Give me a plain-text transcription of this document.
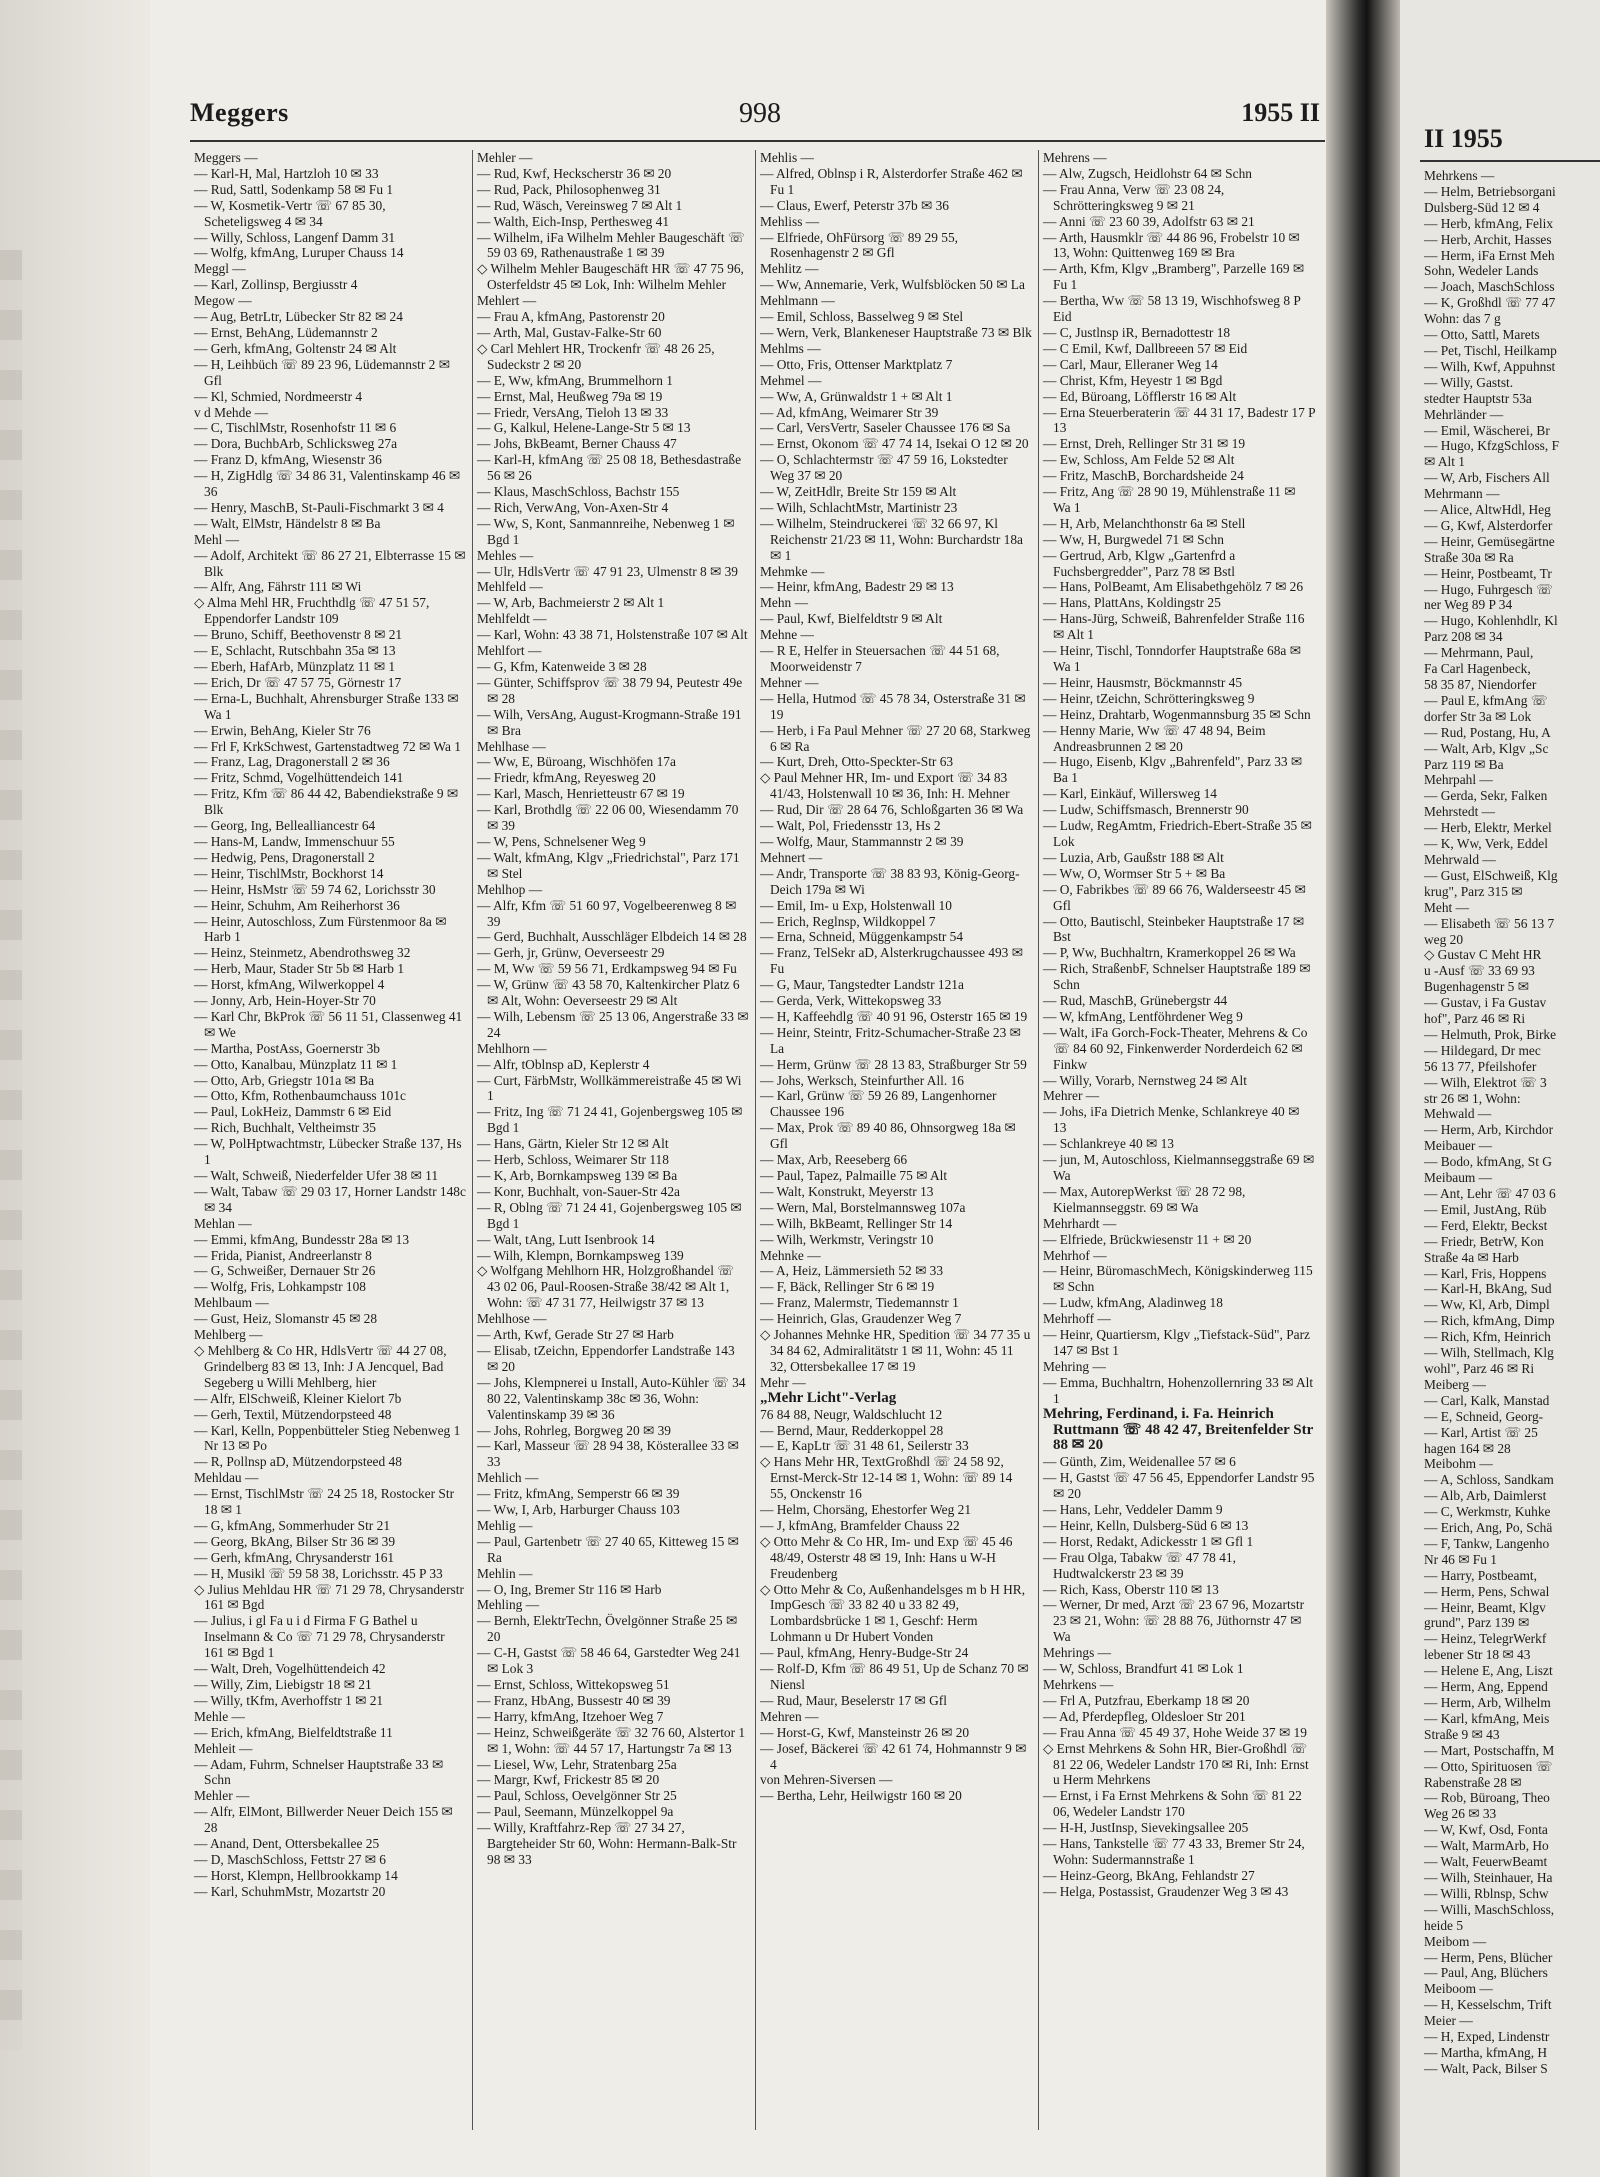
998
Meggers	1955 II
Meggers —
— Karl-H, Mal, Hartzloh 10 ✉ 33
— Rud, Sattl, Sodenkamp 58 ✉ Fu 1
— W, Kosmetik-Vertr ☏ 67 85 30, Scheteligsweg 4 ✉ 34
— Willy, Schloss, Langenf Damm 31
— Wolfg, kfmAng, Luruper Chauss 14
Meggl —
— Karl, Zollinsp, Bergiusstr 4
Megow —
— Aug, BetrLtr, Lübecker Str 82 ✉ 24
— Ernst, BehAng, Lüdemannstr 2
— Gerh, kfmAng, Goltenstr 24 ✉ Alt
— H, Leihbüch ☏ 89 23 96, Lüdemannstr 2 ✉ Gfl
— Kl, Schmied, Nordmeerstr 4
v d Mehde —
— C, TischlMstr, Rosenhofstr 11 ✉ 6
— Dora, BuchbArb, Schlicksweg 27a
— Franz D, kfmAng, Wiesenstr 36
— H, ZigHdlg ☏ 34 86 31, Valentinskamp 46 ✉ 36
— Henry, MaschB, St-Pauli-Fischmarkt 3 ✉ 4
— Walt, ElMstr, Händelstr 8 ✉ Ba
Mehl —
— Adolf, Architekt ☏ 86 27 21, Elbterrasse 15 ✉ Blk
— Alfr, Ang, Fährstr 111 ✉ Wi
◇ Alma Mehl HR, Fruchthdlg ☏ 47 51 57, Eppendorfer Landstr 109
— Bruno, Schiff, Beethovenstr 8 ✉ 21
— E, Schlacht, Rutschbahn 35a ✉ 13
— Eberh, HafArb, Münzplatz 11 ✉ 1
— Erich, Dr ☏ 47 57 75, Görnestr 17
— Erna-L, Buchhalt, Ahrensburger Straße 133 ✉ Wa 1
— Erwin, BehAng, Kieler Str 76
— Frl F, KrkSchwest, Gartenstadtweg 72 ✉ Wa 1
— Franz, Lag, Dragonerstall 2 ✉ 36
— Fritz, Schmd, Vogelhüttendeich 141
— Fritz, Kfm ☏ 86 44 42, Babendiekstraße 9 ✉ Blk
— Georg, Ing, Bellealliancestr 64
— Hans-M, Landw, Immenschuur 55
— Hedwig, Pens, Dragonerstall 2
— Heinr, TischlMstr, Bockhorst 14
— Heinr, HsMstr ☏ 59 74 62, Lorichsstr 30
— Heinr, Schuhm, Am Reiherhorst 36
— Heinr, Autoschloss, Zum Fürstenmoor 8a ✉ Harb 1
— Heinz, Steinmetz, Abendrothsweg 32
— Herb, Maur, Stader Str 5b ✉ Harb 1
— Horst, kfmAng, Wilwerkoppel 4
— Jonny, Arb, Hein-Hoyer-Str 70
— Karl Chr, BkProk ☏ 56 11 51, Classenweg 41 ✉ We
— Martha, PostAss, Goernerstr 3b
— Otto, Kanalbau, Münzplatz 11 ✉ 1
— Otto, Arb, Griegstr 101a ✉ Ba
— Otto, Kfm, Rothenbaumchauss 101c
— Paul, LokHeiz, Dammstr 6 ✉ Eid
— Rich, Buchhalt, Veltheimstr 35
— W, PolHptwachtmstr, Lübecker Straße 137, Hs 1
— Walt, Schweiß, Niederfelder Ufer 38 ✉ 11
— Walt, Tabaw ☏ 29 03 17, Horner Landstr 148c ✉ 34
Mehlan —
— Emmi, kfmAng, Bundesstr 28a ✉ 13
— Frida, Pianist, Andreerlanstr 8
— G, Schweißer, Dernauer Str 26
— Wolfg, Fris, Lohkampstr 108
Mehlbaum —
— Gust, Heiz, Slomanstr 45 ✉ 28
Mehlberg —
◇ Mehlberg & Co HR, HdlsVertr ☏ 44 27 08, Grindelberg 83 ✉ 13, Inh: J A Jencquel, Bad Segeberg u Willi Mehlberg, hier
— Alfr, ElSchweiß, Kleiner Kielort 7b
— Gerh, Textil, Mützendorpsteed 48
— Karl, Kelln, Poppenbütteler Stieg Nebenweg 1 Nr 13 ✉ Po
— R, Pollnsp aD, Mützendorpsteed 48
Mehldau —
— Ernst, TischlMstr ☏ 24 25 18, Rostocker Str 18 ✉ 1
— G, kfmAng, Sommerhuder Str 21
— Georg, BkAng, Bilser Str 36 ✉ 39
— Gerh, kfmAng, Chrysanderstr 161
— H, Musikl ☏ 59 58 38, Lorichsstr. 45 P 33
◇ Julius Mehldau HR ☏ 71 29 78, Chrysanderstr 161 ✉ Bgd
— Julius, i gl Fa u i d Firma F G Bathel u Inselmann & Co ☏ 71 29 78, Chrysanderstr 161 ✉ Bgd 1
— Walt, Dreh, Vogelhüttendeich 42
— Willy, Zim, Liebigstr 18 ✉ 21
— Willy, tKfm, Averhoffstr 1 ✉ 21
Mehle —
— Erich, kfmAng, Bielfeldtstraße 11
Mehleit —
— Adam, Fuhrm, Schnelser Hauptstraße 33 ✉ Schn
Mehler —
— Alfr, ElMont, Billwerder Neuer Deich 155 ✉ 28
— Anand, Dent, Ottersbekallee 25
— D, MaschSchloss, Fettstr 27 ✉ 6
— Horst, Klempn, Hellbrookkamp 14
— Karl, SchuhmMstr, Mozartstr 20
Mehler —
— Rud, Kwf, Heckscherstr 36 ✉ 20
— Rud, Pack, Philosophenweg 31
— Rud, Wäsch, Vereinsweg 7 ✉ Alt 1
— Walth, Eich-Insp, Perthesweg 41
— Wilhelm, iFa Wilhelm Mehler Baugeschäft ☏ 59 03 69, Rathenaustraße 1 ✉ 39
◇ Wilhelm Mehler Baugeschäft HR ☏ 47 75 96, Osterfeldstr 45 ✉ Lok, Inh: Wilhelm Mehler
Mehlert —
— Frau A, kfmAng, Pastorenstr 20
— Arth, Mal, Gustav-Falke-Str 60
◇ Carl Mehlert HR, Trockenfr ☏ 48 26 25, Sudeckstr 2 ✉ 20
— E, Ww, kfmAng, Brummelhorn 1
— Ernst, Mal, Heußweg 79a ✉ 19
— Friedr, VersAng, Tieloh 13 ✉ 33
— G, Kalkul, Helene-Lange-Str 5 ✉ 13
— Johs, BkBeamt, Berner Chauss 47
— Karl-H, kfmAng ☏ 25 08 18, Bethesdastraße 56 ✉ 26
— Klaus, MaschSchloss, Bachstr 155
— Rich, VerwAng, Von-Axen-Str 4
— Ww, S, Kont, Sanmannreihe, Nebenweg 1 ✉ Bgd 1
Mehles —
— Ulr, HdlsVertr ☏ 47 91 23, Ulmenstr 8 ✉ 39
Mehlfeld —
— W, Arb, Bachmeierstr 2 ✉ Alt 1
Mehlfeldt —
— Karl, Wohn: 43 38 71, Holstenstraße 107 ✉ Alt
Mehlfort —
— G, Kfm, Katenweide 3 ✉ 28
— Günter, Schiffsprov ☏ 38 79 94, Peutestr 49e ✉ 28
— Wilh, VersAng, August-Krogmann-Straße 191 ✉ Bra
Mehlhase —
— Ww, E, Büroang, Wischhöfen 17a
— Friedr, kfmAng, Reyesweg 20
— Karl, Masch, Henrietteustr 67 ✉ 19
— Karl, Brothdlg ☏ 22 06 00, Wiesendamm 70 ✉ 39
— W, Pens, Schnelsener Weg 9
— Walt, kfmAng, Klgv „Friedrichstal", Parz 171 ✉ Stel
Mehlhop —
— Alfr, Kfm ☏ 51 60 97, Vogelbeerenweg 8 ✉ 39
— Gerd, Buchhalt, Ausschläger Elbdeich 14 ✉ 28
— Gerh, jr, Grünw, Oeverseestr 29
— M, Ww ☏ 59 56 71, Erdkampsweg 94 ✉ Fu
— W, Grünw ☏ 43 58 70, Kaltenkircher Platz 6 ✉ Alt, Wohn: Oeverseestr 29 ✉ Alt
— Wilh, Lebensm ☏ 25 13 06, Angerstraße 33 ✉ 24
Mehlhorn —
— Alfr, tOblnsp aD, Keplerstr 4
— Curt, FärbMstr, Wollkämmereistraße 45 ✉ Wi 1
— Fritz, Ing ☏ 71 24 41, Gojenbergsweg 105 ✉ Bgd 1
— Hans, Gärtn, Kieler Str 12 ✉ Alt
— Herb, Schloss, Weimarer Str 118
— K, Arb, Bornkampsweg 139 ✉ Ba
— Konr, Buchhalt, von-Sauer-Str 42a
— R, Oblng ☏ 71 24 41, Gojenbergsweg 105 ✉ Bgd 1
— Walt, tAng, Lutt Isenbrook 14
— Wilh, Klempn, Bornkampsweg 139
◇ Wolfgang Mehlhorn HR, Holzgroßhandel ☏ 43 02 06, Paul-Roosen-Straße 38/42 ✉ Alt 1, Wohn: ☏ 47 31 77, Heilwigstr 37 ✉ 13
Mehlhose —
— Arth, Kwf, Gerade Str 27 ✉ Harb
— Elisab, tZeichn, Eppendorfer Landstraße 143 ✉ 20
— Johs, Klempnerei u Install, Auto-Kühler ☏ 34 80 22, Valentinskamp 38c ✉ 36, Wohn: Valentinskamp 39 ✉ 36
— Johs, Rohrleg, Borgweg 20 ✉ 39
— Karl, Masseur ☏ 28 94 38, Kösterallee 33 ✉ 33
Mehlich —
— Fritz, kfmAng, Semperstr 66 ✉ 39
— Ww, I, Arb, Harburger Chauss 103
Mehlig —
— Paul, Gartenbetr ☏ 27 40 65, Kitteweg 15 ✉ Ra
Mehlin —
— O, Ing, Bremer Str 116 ✉ Harb
Mehling —
— Bernh, ElektrTechn, Övelgönner Straße 25 ✉ 20
— C-H, Gastst ☏ 58 46 64, Garstedter Weg 241 ✉ Lok 3
— Ernst, Schloss, Wittekopsweg 51
— Franz, HbAng, Bussestr 40 ✉ 39
— Harry, kfmAng, Itzehoer Weg 7
— Heinz, Schweißgeräte ☏ 32 76 60, Alstertor 1 ✉ 1, Wohn: ☏ 44 57 17, Hartungstr 7a ✉ 13
— Liesel, Ww, Lehr, Stratenbarg 25a
— Margr, Kwf, Frickestr 85 ✉ 20
— Paul, Schloss, Oevelgönner Str 25
— Paul, Seemann, Münzelkoppel 9a
— Willy, Kraftfahrz-Rep ☏ 27 34 27, Bargteheider Str 60, Wohn: Hermann-Balk-Str 98 ✉ 33
Mehlis —
— Alfred, Oblnsp i R, Alsterdorfer Straße 462 ✉ Fu 1
— Claus, Ewerf, Peterstr 37b ✉ 36
Mehliss —
— Elfriede, OhFürsorg ☏ 89 29 55, Rosenhagenstr 2 ✉ Gfl
Mehlitz —
— Ww, Annemarie, Verk, Wulfsblöcken 50 ✉ La
Mehlmann —
— Emil, Schloss, Basselweg 9 ✉ Stel
— Wern, Verk, Blankeneser Hauptstraße 73 ✉ Blk
Mehlms —
— Otto, Fris, Ottenser Marktplatz 7
Mehmel —
— Ww, A, Grünwaldstr 1 + ✉ Alt 1
— Ad, kfmAng, Weimarer Str 39
— Carl, VersVertr, Saseler Chaussee 176 ✉ Sa
— Ernst, Okonom ☏ 47 74 14, Isekai O 12 ✉ 20
— O, Schlachtermstr ☏ 47 59 16, Lokstedter Weg 37 ✉ 20
— W, ZeitHdlr, Breite Str 159 ✉ Alt
— Wilh, SchlachtMstr, Martinistr 23
— Wilhelm, Steindruckerei ☏ 32 66 97, Kl Reichenstr 21/23 ✉ 11, Wohn: Burchardstr 18a ✉ 1
Mehmke —
— Heinr, kfmAng, Badestr 29 ✉ 13
Mehn —
— Paul, Kwf, Bielfeldtstr 9 ✉ Alt
Mehne —
— R E, Helfer in Steuersachen ☏ 44 51 68, Moorweidenstr 7
Mehner —
— Hella, Hutmod ☏ 45 78 34, Osterstraße 31 ✉ 19
— Herb, i Fa Paul Mehner ☏ 27 20 68, Starkweg 6 ✉ Ra
— Kurt, Dreh, Otto-Speckter-Str 63
◇ Paul Mehner HR, Im- und Export ☏ 34 83 41/43, Holstenwall 10 ✉ 36, Inh: H. Mehner
— Rud, Dir ☏ 28 64 76, Schloßgarten 36 ✉ Wa
— Walt, Pol, Friedensstr 13, Hs 2
— Wolfg, Maur, Stammannstr 2 ✉ 39
Mehnert —
— Andr, Transporte ☏ 38 83 93, König-Georg-Deich 179a ✉ Wi
— Emil, Im- u Exp, Holstenwall 10
— Erich, Reglnsp, Wildkoppel 7
— Erna, Schneid, Müggenkampstr 54
— Franz, TelSekr aD, Alsterkrugchaussee 493 ✉ Fu
— G, Maur, Tangstedter Landstr 121a
— Gerda, Verk, Wittekopsweg 33
— H, Kaffeehdlg ☏ 40 91 96, Osterstr 165 ✉ 19
— Heinr, Steintr, Fritz-Schumacher-Straße 23 ✉ La
— Herm, Grünw ☏ 28 13 83, Straßburger Str 59
— Johs, Werksch, Steinfurther All. 16
— Karl, Grünw ☏ 59 26 89, Langenhorner Chaussee 196
— Max, Prok ☏ 89 40 86, Ohnsorgweg 18a ✉ Gfl
— Max, Arb, Reeseberg 66
— Paul, Tapez, Palmaille 75 ✉ Alt
— Walt, Konstrukt, Meyerstr 13
— Wern, Mal, Borstelmannsweg 107a
— Wilh, BkBeamt, Rellinger Str 14
— Wilh, Werkmstr, Veringstr 10
Mehnke —
— A, Heiz, Lämmersieth 52 ✉ 33
— F, Bäck, Rellinger Str 6 ✉ 19
— Franz, Malermstr, Tiedemannstr 1
— Heinrich, Glas, Graudenzer Weg 7
◇ Johannes Mehnke HR, Spedition ☏ 34 77 35 u 34 84 62, Admiralitätstr 1 ✉ 11, Wohn: 45 11 32, Ottersbekallee 17 ✉ 19
Mehr —
„Mehr Licht"-Verlag
76 84 88, Neugr, Waldschlucht 12
— Bernd, Maur, Redderkoppel 28
— E, KapLtr ☏ 31 48 61, Seilerstr 33
◇ Hans Mehr HR, TextGroßhdl ☏ 24 58 92, Ernst-Merck-Str 12-14 ✉ 1, Wohn: ☏ 89 14 55, Onckenstr 16
— Helm, Chorsäng, Ehestorfer Weg 21
— J, kfmAng, Bramfelder Chauss 22
◇ Otto Mehr & Co HR, Im- und Exp ☏ 45 46 48/49, Osterstr 48 ✉ 19, Inh: Hans u W-H Freudenberg
◇ Otto Mehr & Co, Außenhandelsges m b H HR, ImpGesch ☏ 33 82 40 u 33 82 49, Lombardsbrücke 1 ✉ 1, Geschf: Herm Lohmann u Dr Hubert Vonden
— Paul, kfmAng, Henry-Budge-Str 24
— Rolf-D, Kfm ☏ 86 49 51, Up de Schanz 70 ✉ Niensl
— Rud, Maur, Beselerstr 17 ✉ Gfl
Mehren —
— Horst-G, Kwf, Mansteinstr 26 ✉ 20
— Josef, Bäckerei ☏ 42 61 74, Hohmannstr 9 ✉ 4
von Mehren-Siversen —
— Bertha, Lehr, Heilwigstr 160 ✉ 20
Mehrens —
— Alw, Zugsch, Heidlohstr 64 ✉ Schn
— Frau Anna, Verw ☏ 23 08 24, Schrötteringksweg 9 ✉ 21
— Anni ☏ 23 60 39, Adolfstr 63 ✉ 21
— Arth, Hausmklr ☏ 44 86 96, Frobelstr 10 ✉ 13, Wohn: Quittenweg 169 ✉ Bra
— Arth, Kfm, Klgv „Bramberg", Parzelle 169 ✉ Fu 1
— Bertha, Ww ☏ 58 13 19, Wischhofsweg 8 P Eid
— C, Justlnsp iR, Bernadottestr 18
— C Emil, Kwf, Dallbreeen 57 ✉ Eid
— Carl, Maur, Elleraner Weg 14
— Christ, Kfm, Heyestr 1 ✉ Bgd
— Ed, Büroang, Löfflerstr 16 ✉ Alt
— Erna Steuerberaterin ☏ 44 31 17, Badestr 17 P 13
— Ernst, Dreh, Rellinger Str 31 ✉ 19
— Ew, Schloss, Am Felde 52 ✉ Alt
— Fritz, MaschB, Borchardsheide 24
— Fritz, Ang ☏ 28 90 19, Mühlenstraße 11 ✉ Wa 1
— H, Arb, Melanchthonstr 6a ✉ Stell
— Ww, H, Burgwedel 71 ✉ Schn
— Gertrud, Arb, Klgw „Gartenfrd a Fuchsbergredder", Parz 78 ✉ Bstl
— Hans, PolBeamt, Am Elisabethgehölz 7 ✉ 26
— Hans, PlattAns, Koldingstr 25
— Hans-Jürg, Schweiß, Bahrenfelder Straße 116 ✉ Alt 1
— Heinr, Tischl, Tonndorfer Hauptstraße 68a ✉ Wa 1
— Heinr, Hausmstr, Böckmannstr 45
— Heinr, tZeichn, Schrötteringksweg 9
— Heinz, Drahtarb, Wogenmannsburg 35 ✉ Schn
— Henny Marie, Ww ☏ 47 48 94, Beim Andreasbrunnen 2 ✉ 20
— Hugo, Eisenb, Klgv „Bahrenfeld", Parz 33 ✉ Ba 1
— Karl, Einkäuf, Willersweg 14
— Ludw, Schiffsmasch, Brennerstr 90
— Ludw, RegAmtm, Friedrich-Ebert-Straße 35 ✉ Lok
— Luzia, Arb, Gaußstr 188 ✉ Alt
— Ww, O, Wormser Str 5 + ✉ Ba
— O, Fabrikbes ☏ 89 66 76, Walderseestr 45 ✉ Gfl
— Otto, Bautischl, Steinbeker Hauptstraße 17 ✉ Bst
— P, Ww, Buchhaltrn, Kramerkoppel 26 ✉ Wa
— Rich, StraßenbF, Schnelser Hauptstraße 189 ✉ Schn
— Rud, MaschB, Grünebergstr 44
— W, kfmAng, Lentföhrdener Weg 9
— Walt, iFa Gorch-Fock-Theater, Mehrens & Co ☏ 84 60 92, Finkenwerder Norderdeich 62 ✉ Finkw
— Willy, Vorarb, Nernstweg 24 ✉ Alt
Mehrer —
— Johs, iFa Dietrich Menke, Schlankreye 40 ✉ 13
— Schlankreye 40 ✉ 13
— jun, M, Autoschloss, Kielmannseggstraße 69 ✉ Wa
— Max, AutorepWerkst ☏ 28 72 98, Kielmannseggstr. 69 ✉ Wa
Mehrhardt —
— Elfriede, Brückwiesenstr 11 + ✉ 20
Mehrhof —
— Heinr, BüromaschMech, Königskinderweg 115 ✉ Schn
— Ludw, kfmAng, Aladinweg 18
Mehrhoff —
— Heinr, Quartiersm, Klgv „Tiefstack-Süd", Parz 147 ✉ Bst 1
Mehring —
— Emma, Buchhaltrn, Hohenzollernring 33 ✉ Alt 1
Mehring, Ferdinand, i. Fa. Heinrich Ruttmann ☏ 48 42 47, Breitenfelder Str 88 ✉ 20
— Günth, Zim, Weidenallee 57 ✉ 6
— H, Gastst ☏ 47 56 45, Eppendorfer Landstr 95 ✉ 20
— Hans, Lehr, Veddeler Damm 9
— Heinr, Kelln, Dulsberg-Süd 6 ✉ 13
— Horst, Redakt, Adickesstr 1 ✉ Gfl 1
— Frau Olga, Tabakw ☏ 47 78 41, Hudtwalckerstr 23 ✉ 39
— Rich, Kass, Oberstr 110 ✉ 13
— Werner, Dr med, Arzt ☏ 23 67 96, Mozartstr 23 ✉ 21, Wohn: ☏ 28 88 76, Jüthornstr 47 ✉ Wa
Mehrings —
— W, Schloss, Brandfurt 41 ✉ Lok 1
Mehrkens —
— Frl A, Putzfrau, Eberkamp 18 ✉ 20
— Ad, Pferdepfleg, Oldesloer Str 201
— Frau Anna ☏ 45 49 37, Hohe Weide 37 ✉ 19
◇ Ernst Mehrkens & Sohn HR, Bier-Großhdl ☏ 81 22 06, Wedeler Landstr 170 ✉ Ri, Inh: Ernst u Herm Mehrkens
— Ernst, i Fa Ernst Mehrkens & Sohn ☏ 81 22 06, Wedeler Landstr 170
— H-H, JustInsp, Sievekingsallee 205
— Hans, Tankstelle ☏ 77 43 33, Bremer Str 24, Wohn: Sudermannstraße 1
— Heinz-Georg, BkAng, Fehlandstr 27
— Helga, Postassist, Graudenzer Weg 3 ✉ 43
II 1955
Mehrkens —
— Helm, Betriebsorgani
Dulsberg-Süd 12 ✉ 4
— Herb, kfmAng, Felix
— Herb, Archit, Hasses
— Herm, iFa Ernst Meh
Sohn, Wedeler Lands
— Joach, MaschSchloss
— K, Großhdl ☏ 77 47
Wohn: das 7 g
— Otto, Sattl, Marets
— Pet, Tischl, Heilkamp
— Wilh, Kwf, Appuhnst
— Willy, Gastst.
stedter Hauptstr 53a
Mehrländer —
— Emil, Wäscherei, Br
— Hugo, KfzgSchloss, F
✉ Alt 1
— W, Arb, Fischers All
Mehrmann —
— Alice, AltwHdl, Heg
— G, Kwf, Alsterdorfer
— Heinr, Gemüsegärtne
Straße 30a ✉ Ra
— Heinr, Postbeamt, Tr
— Hugo, Fuhrgesch ☏
ner Weg 89 P 34
— Hugo, Kohlenhdlr, Kl
Parz 208 ✉ 34
— Mehrmann, Paul,
Fa Carl Hagenbeck,
58 35 87, Niendorfer
— Paul E, kfmAng ☏
dorfer Str 3a ✉ Lok
— Rud, Postang, Hu, A
— Walt, Arb, Klgv „Sc
Parz 119 ✉ Ba
Mehrpahl —
— Gerda, Sekr, Falken
Mehrstedt —
— Herb, Elektr, Merkel
— K, Ww, Verk, Eddel
Mehrwald —
— Gust, ElSchweiß, Klg
krug", Parz 315 ✉
Meht —
— Elisabeth ☏ 56 13 7
weg 20
◇ Gustav C Meht HR
u -Ausf ☏ 33 69 93
Bugenhagenstr 5 ✉
— Gustav, i Fa Gustav
hof", Parz 46 ✉ Ri
— Helmuth, Prok, Birke
— Hildegard, Dr mec
56 13 77, Pfeilshofer
— Wilh, Elektrot ☏ 3
str 26 ✉ 1, Wohn:
Mehwald —
— Herm, Arb, Kirchdor
Meibauer —
— Bodo, kfmAng, St G
Meibaum —
— Ant, Lehr ☏ 47 03 6
— Emil, JustAng, Rüb
— Ferd, Elektr, Beckst
— Friedr, BetrW, Kon
Straße 4a ✉ Harb
— Karl, Fris, Hoppens
— Karl-H, BkAng, Sud
— Ww, Kl, Arb, Dimpl
— Rich, kfmAng, Dimp
— Rich, Kfm, Heinrich
— Wilh, Stellmach, Klg
wohl", Parz 46 ✉ Ri
Meiberg —
— Carl, Kalk, Manstad
— E, Schneid, Georg-
— Karl, Artist ☏ 25
hagen 164 ✉ 28
Meibohm —
— A, Schloss, Sandkam
— Alb, Arb, Daimlerst
— C, Werkmstr, Kuhke
— Erich, Ang, Po, Schä
— F, Tankw, Langenho
Nr 46 ✉ Fu 1
— Harry, Postbeamt,
— Herm, Pens, Schwal
— Heinr, Beamt, Klgv
grund", Parz 139 ✉
— Heinz, TelegrWerkf
lebener Str 18 ✉ 43
— Helene E, Ang, Liszt
— Herm, Ang, Eppend
— Herm, Arb, Wilhelm
— Karl, kfmAng, Meis
Straße 9 ✉ 43
— Mart, Postschaffn, M
— Otto, Spirituosen ☏
Rabenstraße 28 ✉
— Rob, Büroang, Theo
Weg 26 ✉ 33
— W, Kwf, Osd, Fonta
— Walt, MarmArb, Ho
— Walt, FeuerwBeamt
— Wilh, Steinhauer, Ha
— Willi, Rblnsp, Schw
— Willi, MaschSchloss,
heide 5
Meibom —
— Herm, Pens, Blücher
— Paul, Ang, Blüchers
Meiboom —
— H, Kesselschm, Trift
Meier —
— H, Exped, Lindenstr
— Martha, kfmAng, H
— Walt, Pack, Bilser S
